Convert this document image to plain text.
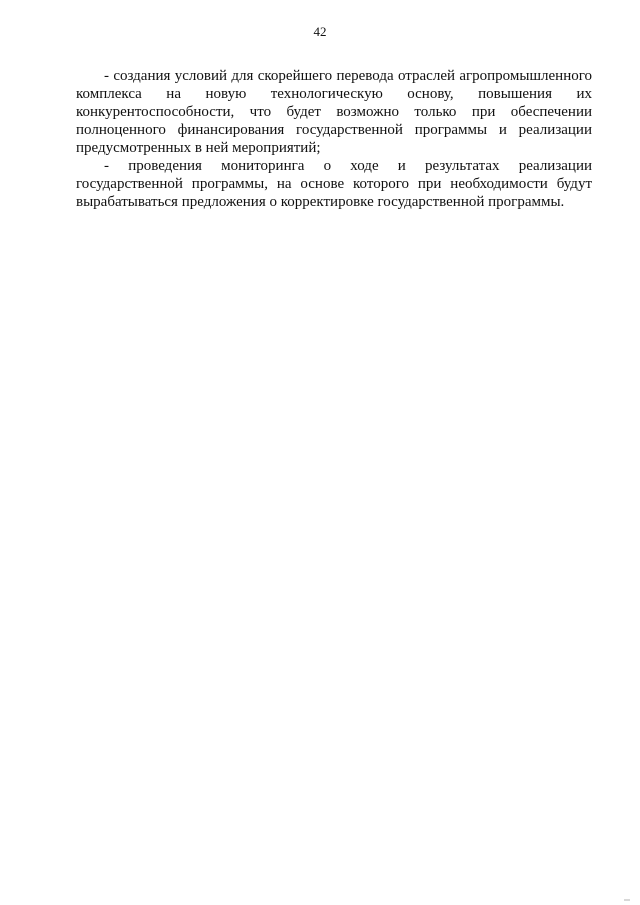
42

- создания условий для скорейшего перевода отраслей агропромышленного комплекса на новую технологическую основу, повышения их конкурентоспособности, что будет возможно только при обеспечении полноценного финансирования государственной программы и реализации предусмотренных в ней мероприятий;

- проведения мониторинга о ходе и результатах реализации государственной программы, на основе которого при необходимости будут вырабатываться предложения о корректировке государственной программы.
